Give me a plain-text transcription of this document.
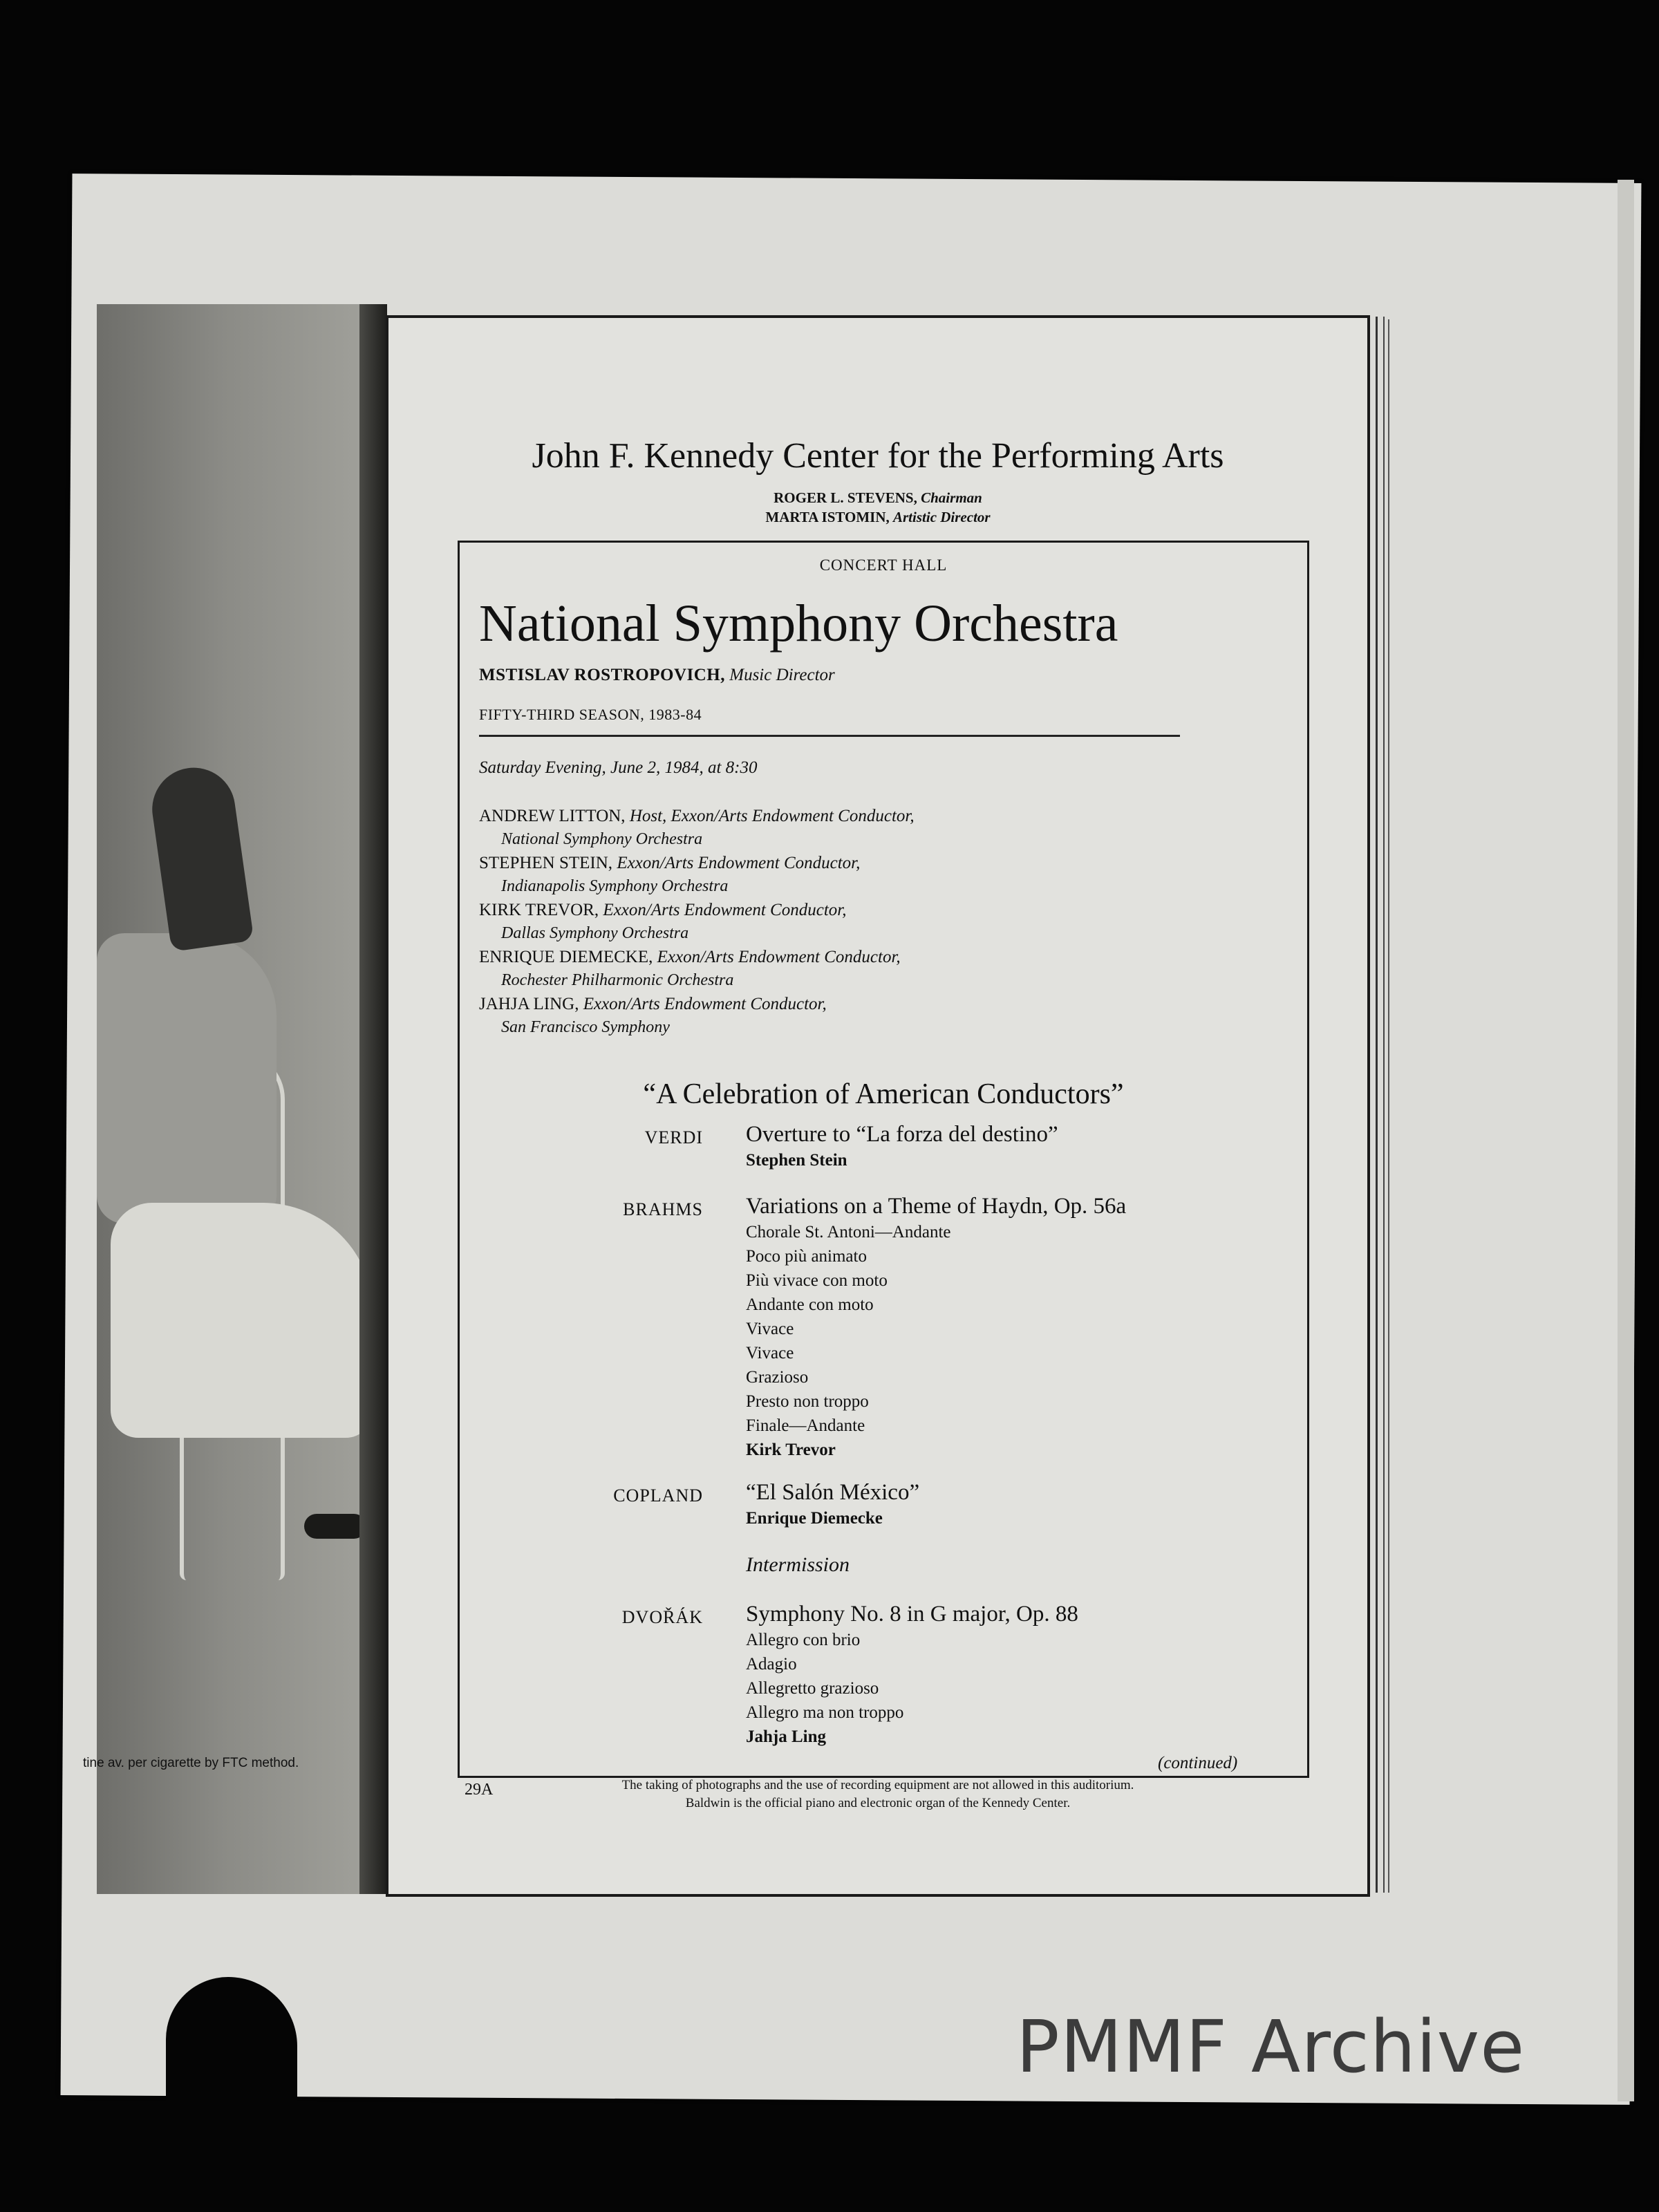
tine av. per cigarette by FTC method.
John F. Kennedy Center for the Performing Arts
ROGER L. STEVENS, Chairman
MARTA ISTOMIN, Artistic Director
CONCERT HALL
National Symphony Orchestra
MSTISLAV ROSTROPOVICH, Music Director
FIFTY-THIRD SEASON, 1983-84
Saturday Evening, June 2, 1984, at 8:30
ANDREW LITTON, Host, Exxon/Arts Endowment Conductor,
National Symphony Orchestra
STEPHEN STEIN, Exxon/Arts Endowment Conductor,
Indianapolis Symphony Orchestra
KIRK TREVOR, Exxon/Arts Endowment Conductor,
Dallas Symphony Orchestra
ENRIQUE DIEMECKE, Exxon/Arts Endowment Conductor,
Rochester Philharmonic Orchestra
JAHJA LING, Exxon/Arts Endowment Conductor,
San Francisco Symphony
“A Celebration of American Conductors”
VERDI Overture to “La forza del destino”
Stephen Stein
BRAHMS Variations on a Theme of Haydn, Op. 56a
Chorale St. Antoni—Andante
Poco più animato
Più vivace con moto
Andante con moto
Vivace
Vivace
Grazioso
Presto non troppo
Finale—Andante
Kirk Trevor
COPLAND “El Salón México”
Enrique Diemecke
Intermission
DVOŘÁK Symphony No. 8 in G major, Op. 88
Allegro con brio
Adagio
Allegretto grazioso
Allegro ma non troppo
Jahja Ling
(continued)
29A	The taking of photographs and the use of recording equipment are not allowed in this auditorium.
Baldwin is the official piano and electronic organ of the Kennedy Center.
PMMF Archive
